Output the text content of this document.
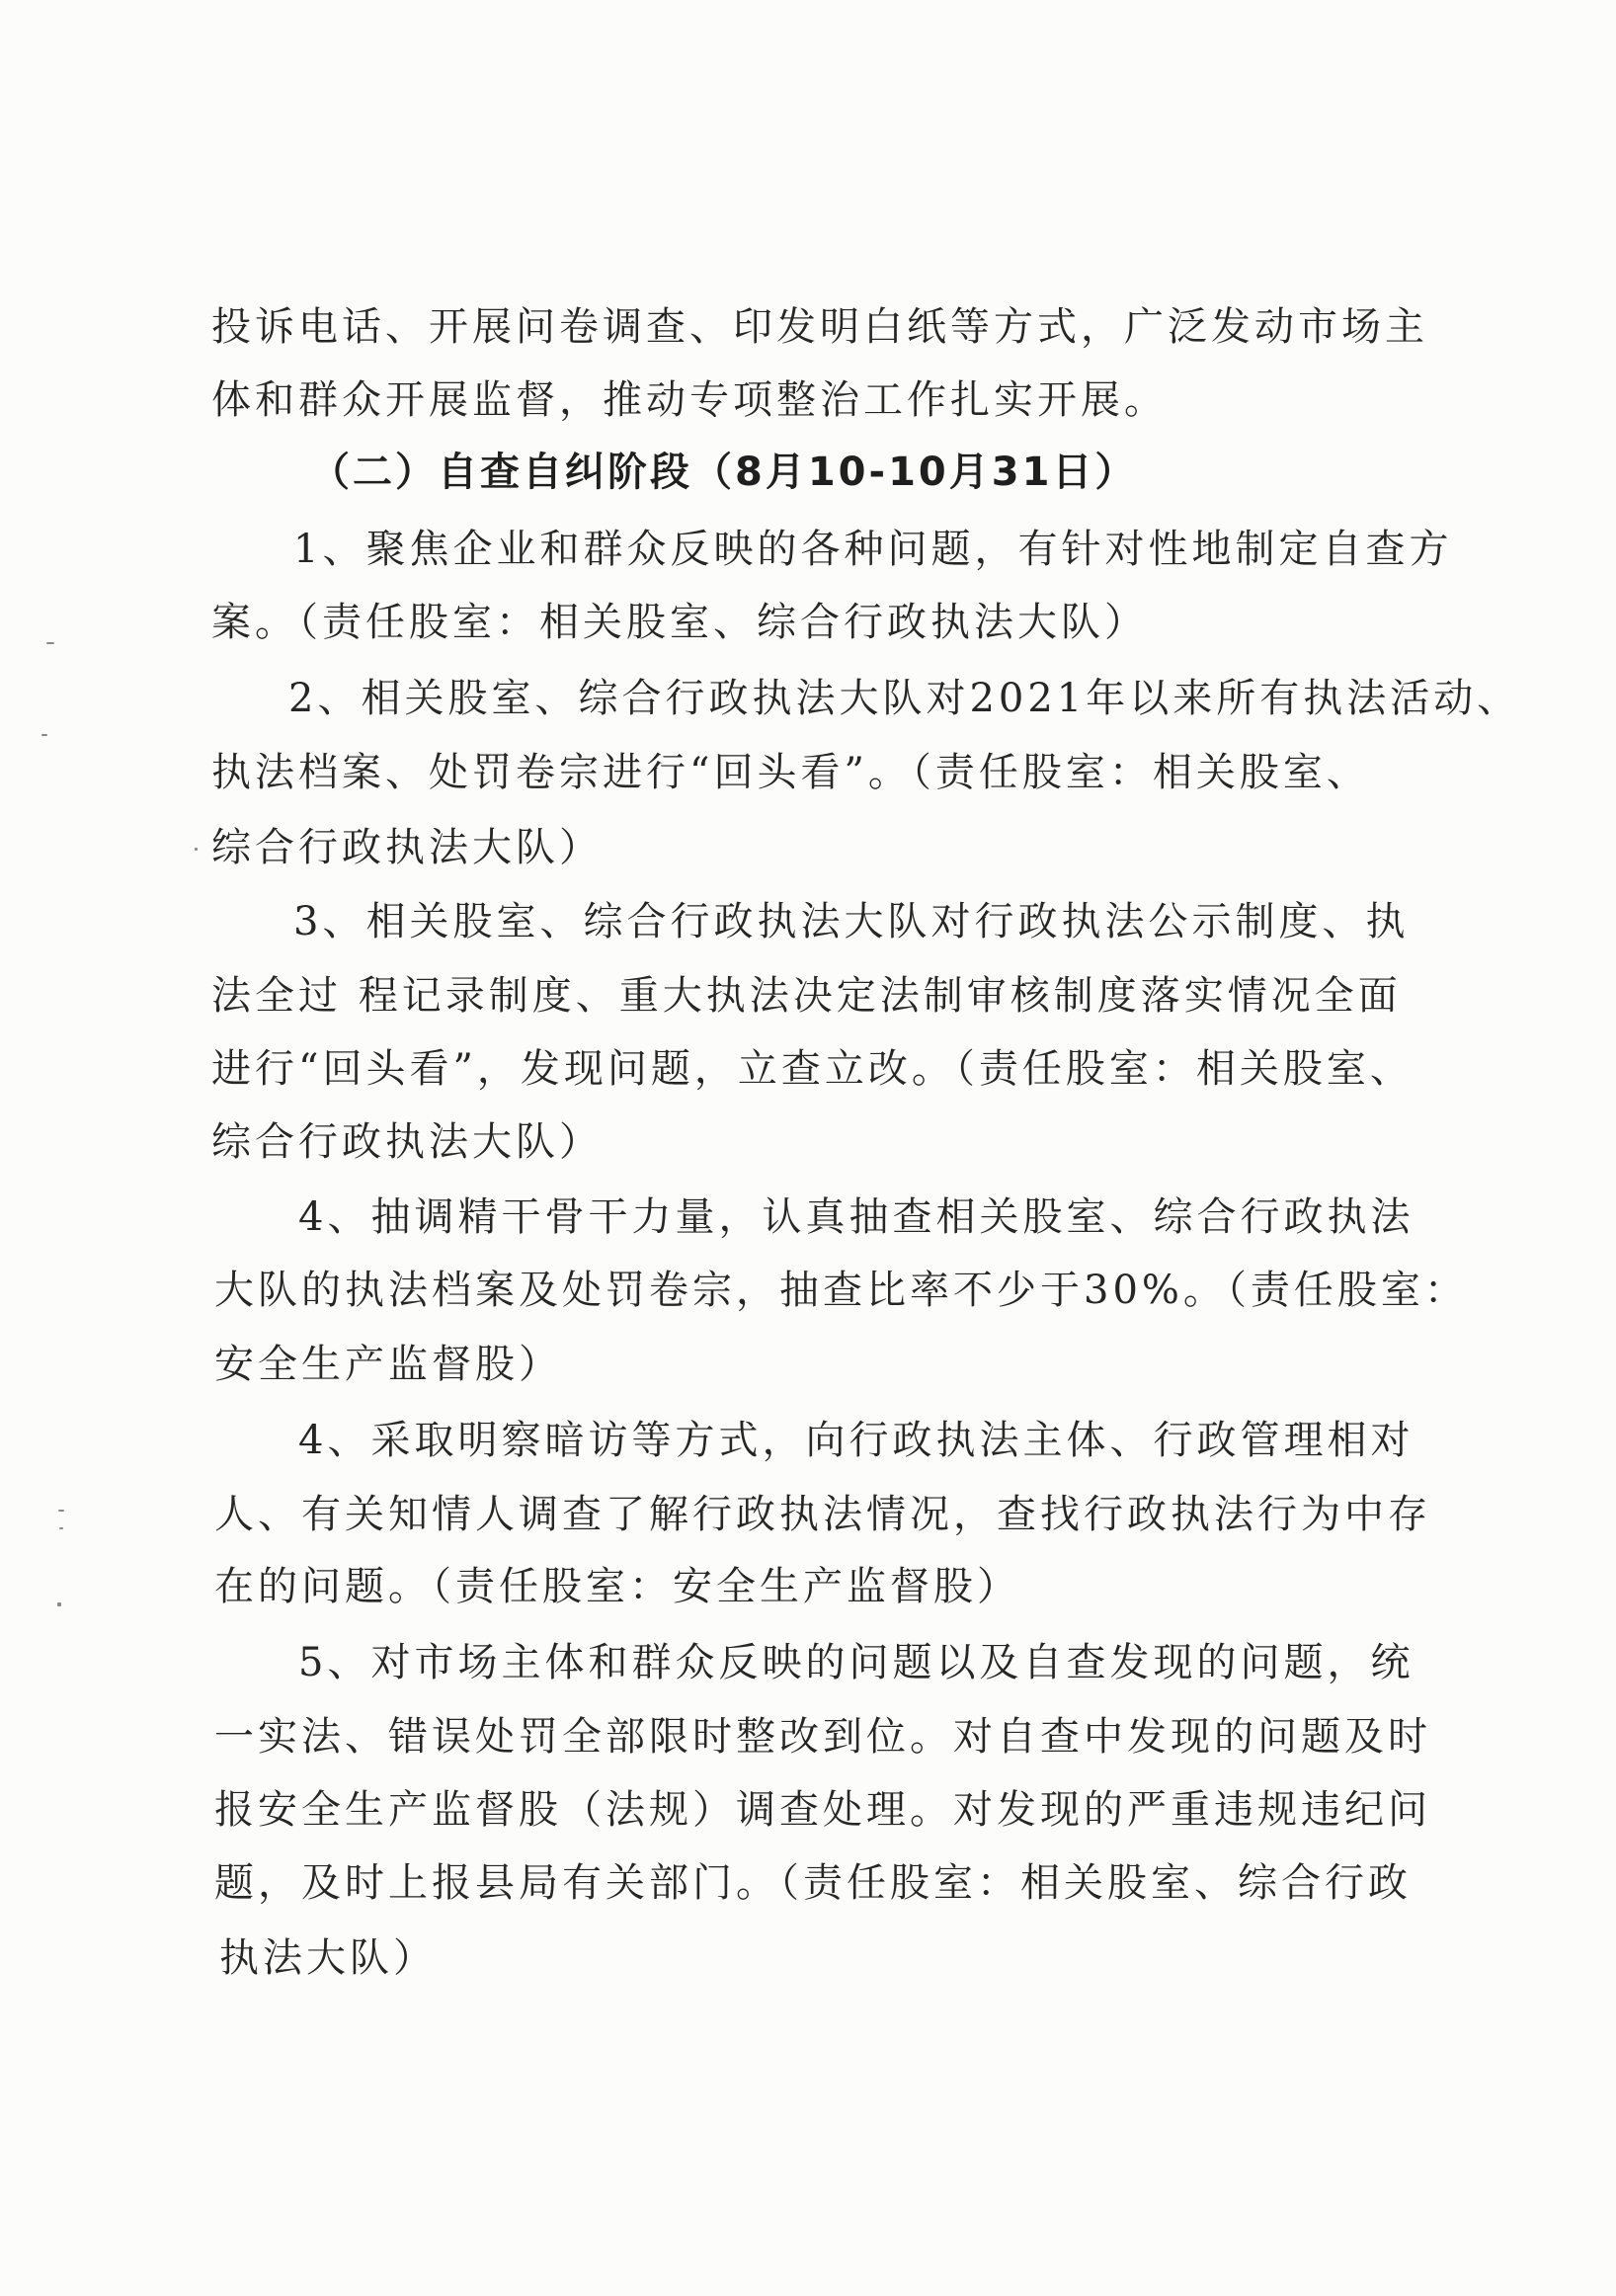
投诉电话、开展问卷调查、印发明白纸等方式，广泛发动市场主
体和群众开展监督，推动专项整治工作扎实开展。
（二）自查自纠阶段（8月10-10月31日）
1、聚焦企业和群众反映的各种问题，有针对性地制定自查方
案。（责任股室：相关股室、综合行政执法大队）
2、相关股室、综合行政执法大队对2021年以来所有执法活动、
执法档案、处罚卷宗进行“回头看”。（责任股室：相关股室、
综合行政执法大队）
3、相关股室、综合行政执法大队对行政执法公示制度、执
法全过 程记录制度、重大执法决定法制审核制度落实情况全面
进行“回头看”，发现问题，立查立改。（责任股室：相关股室、
综合行政执法大队）
4、抽调精干骨干力量，认真抽查相关股室、综合行政执法
大队的执法档案及处罚卷宗，抽查比率不少于30%。（责任股室：
安全生产监督股）
4、采取明察暗访等方式，向行政执法主体、行政管理相对
人、有关知情人调查了解行政执法情况，查找行政执法行为中存
在的问题。（责任股室：安全生产监督股）
5、对市场主体和群众反映的问题以及自查发现的问题，统
一实法、错误处罚全部限时整改到位。对自查中发现的问题及时
报安全生产监督股（法规）调查处理。对发现的严重违规违纪问
题，及时上报县局有关部门。（责任股室：相关股室、综合行政
执法大队）
